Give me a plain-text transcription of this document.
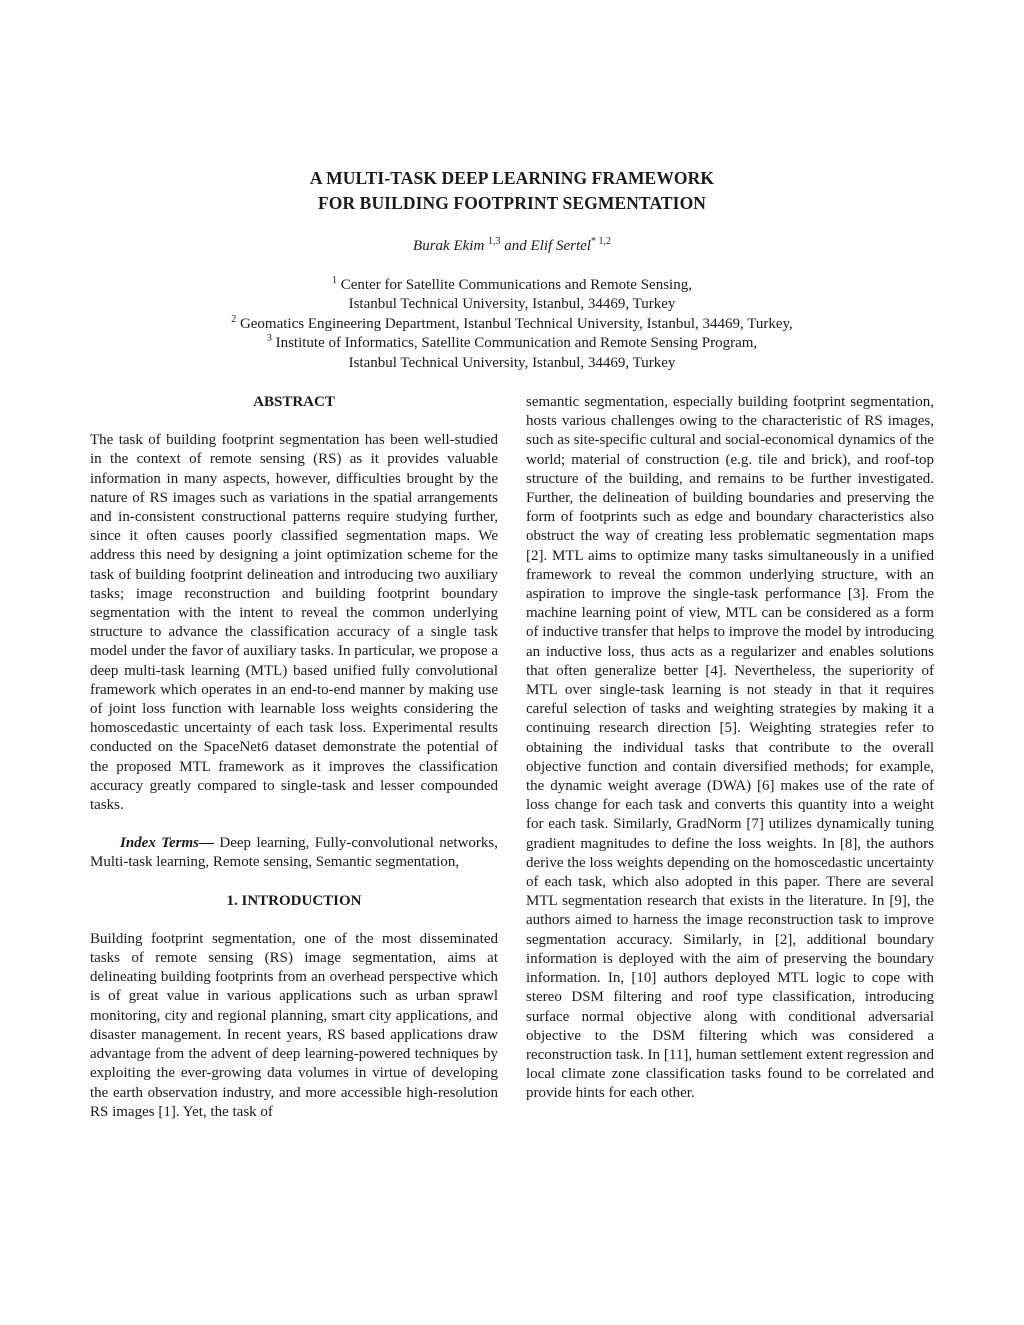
A MULTI-TASK DEEP LEARNING FRAMEWORK
FOR BUILDING FOOTPRINT SEGMENTATION
Burak Ekim $^{1,3}$ and Elif Sertel$^{* 1,2}$
$^1$ Center for Satellite Communications and Remote Sensing,
Istanbul Technical University, Istanbul, 34469, Turkey
$^2$ Geomatics Engineering Department, Istanbul Technical University, Istanbul, 34469, Turkey,
$^3$ Institute of Informatics, Satellite Communication and Remote Sensing Program,
Istanbul Technical University, Istanbul, 34469, Turkey
ABSTRACT

The task of building footprint segmentation has been well-studied in the context of remote sensing (RS) as it provides valuable information in many aspects, however, difficulties brought by the nature of RS images such as variations in the spatial arrangements and in-consistent constructional patterns require studying further, since it often causes poorly classified segmentation maps. We address this need by designing a joint optimization scheme for the task of building footprint delineation and introducing two auxiliary tasks; image reconstruction and building footprint boundary segmentation with the intent to reveal the common underlying structure to advance the classification accuracy of a single task model under the favor of auxiliary tasks. In particular, we propose a deep multi-task learning (MTL) based unified fully convolutional framework which operates in an end-to-end manner by making use of joint loss function with learnable loss weights considering the homoscedastic uncertainty of each task loss. Experimental results conducted on the SpaceNet6 dataset demonstrate the potential of the proposed MTL framework as it improves the classification accuracy greatly compared to single-task and lesser compounded tasks.

Index Terms— Deep learning, Fully-convolutional networks, Multi-task learning, Remote sensing, Semantic segmentation,

1. INTRODUCTION

Building footprint segmentation, one of the most disseminated tasks of remote sensing (RS) image segmentation, aims at delineating building footprints from an overhead perspective which is of great value in various applications such as urban sprawl monitoring, city and regional planning, smart city applications, and disaster management. In recent years, RS based applications draw advantage from the advent of deep learning-powered techniques by exploiting the ever-growing data volumes in virtue of developing the earth observation industry, and more accessible high-resolution RS images [1]. Yet, the task of

semantic segmentation, especially building footprint segmentation, hosts various challenges owing to the characteristic of RS images, such as site-specific cultural and social-economical dynamics of the world; material of construction (e.g. tile and brick), and roof-top structure of the building, and remains to be further investigated. Further, the delineation of building boundaries and preserving the form of footprints such as edge and boundary characteristics also obstruct the way of creating less problematic segmentation maps [2]. MTL aims to optimize many tasks simultaneously in a unified framework to reveal the common underlying structure, with an aspiration to improve the single-task performance [3]. From the machine learning point of view, MTL can be considered as a form of inductive transfer that helps to improve the model by introducing an inductive loss, thus acts as a regularizer and enables solutions that often generalize better [4]. Nevertheless, the superiority of MTL over single-task learning is not steady in that it requires careful selection of tasks and weighting strategies by making it a continuing research direction [5]. Weighting strategies refer to obtaining the individual tasks that contribute to the overall objective function and contain diversified methods; for example, the dynamic weight average (DWA) [6] makes use of the rate of loss change for each task and converts this quantity into a weight for each task. Similarly, GradNorm [7] utilizes dynamically tuning gradient magnitudes to define the loss weights. In [8], the authors derive the loss weights depending on the homoscedastic uncertainty of each task, which also adopted in this paper. There are several MTL segmentation research that exists in the literature. In [9], the authors aimed to harness the image reconstruction task to improve segmentation accuracy. Similarly, in [2], additional boundary information is deployed with the aim of preserving the boundary information. In, [10] authors deployed MTL logic to cope with stereo DSM filtering and roof type classification, introducing surface normal objective along with conditional adversarial objective to the DSM filtering which was considered a reconstruction task. In [11], human settlement extent regression and local climate zone classification tasks found to be correlated and provide hints for each other.
